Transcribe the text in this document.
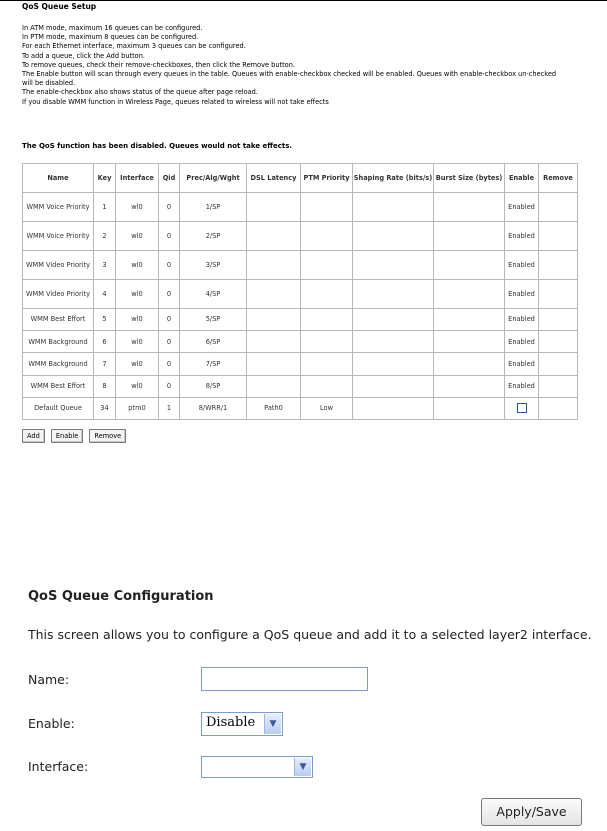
QoS Queue Setup
In ATM mode, maximum 16 queues can be configured.
In PTM mode, maximum 8 queues can be configured.
For each Ethernet interface, maximum 3 queues can be configured.
To add a queue, click the Add button.
To remove queues, check their remove-checkboxes, then click the Remove button.
The Enable button will scan through every queues in the table. Queues with enable-checkbox checked will be enabled. Queues with enable-checkbox un-checked
will be disabled.
The enable-checkbox also shows status of the queue after page reload.
If you disable WMM function in Wireless Page, queues related to wireless will not take effects
The QoS function has been disabled. Queues would not take effects.
Name	Key	Interface	Qid	Prec/Alg/Wght	DSL Latency	PTM Priority	Shaping Rate (bits/s)	Burst Size (bytes)	Enable	Remove
WMM Voice Priority	1	wl0	0	1/SP					Enabled	
WMM Voice Priority	2	wl0	0	2/SP					Enabled	
WMM Video Priority	3	wl0	0	3/SP					Enabled	
WMM Video Priority	4	wl0	0	4/SP					Enabled	
WMM Best Effort	5	wl0	0	5/SP					Enabled	
WMM Background	6	wl0	0	6/SP					Enabled	
WMM Background	7	wl0	0	7/SP					Enabled	
WMM Best Effort	8	wl0	0	8/SP					Enabled	
Default Queue	34	ptm0	1	8/WRR/1	Path0	Low				
Add Enable Remove
QoS Queue Configuration
This screen allows you to configure a QoS queue and add it to a selected layer2 interface.
Name:
Enable:	Disable	▼
Interface:	▼
Apply/Save
